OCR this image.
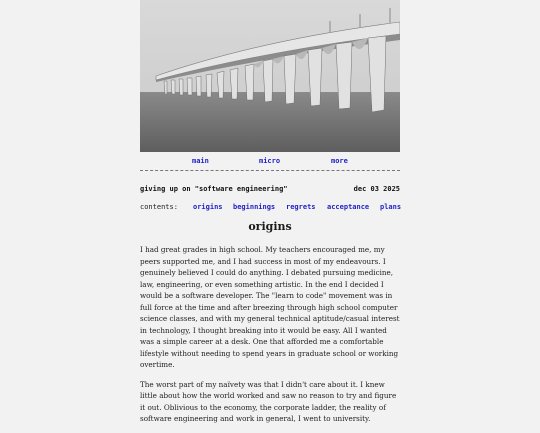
main	micro	more
giving up on "software engineering"	dec 03 2025
contents: origins beginnings regrets acceptance plans
origins

I had great grades in high school. My teachers encouraged me, my peers supported me, and I had success in most of my endeavours. I genuinely believed I could do anything. I debated pursuing medicine, law, engineering, or even something artistic. In the end I decided I would be a software developer. The "learn to code" movement was in full force at the time and after breezing through high school computer science classes, and with my general technical aptitude/casual interest in technology, I thought breaking into it would be easy. All I wanted was a simple career at a desk. One that afforded me a comfortable lifestyle without needing to spend years in graduate school or working overtime.

The worst part of my naïvety was that I didn't care about it. I knew little about how the world worked and saw no reason to try and figure it out. Oblivious to the economy, the corporate ladder, the reality of software engineering and work in general, I went to university.
